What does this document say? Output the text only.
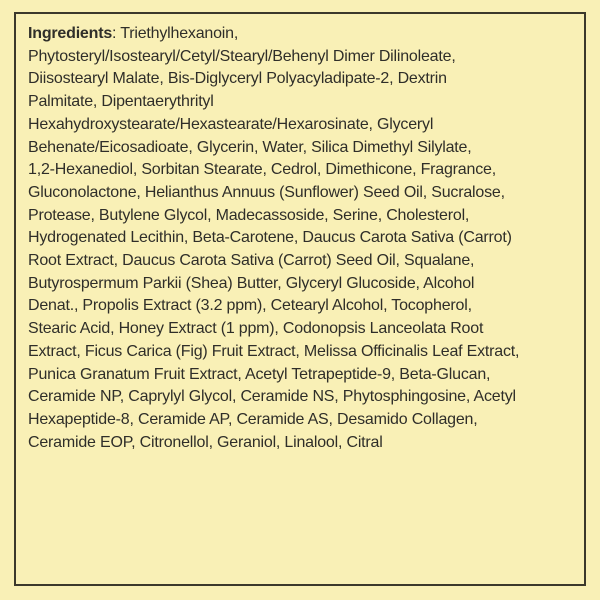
Ingredients: Triethylhexanoin,

Phytosteryl/Isostearyl/Cetyl/Stearyl/Behenyl Dimer Dilinoleate,

Diisostearyl Malate, Bis-Diglyceryl Polyacyladipate-2, Dextrin

Palmitate, Dipentaerythrityl

Hexahydroxystearate/Hexastearate/Hexarosinate, Glyceryl

Behenate/Eicosadioate, Glycerin, Water, Silica Dimethyl Silylate,

1,2-Hexanediol, Sorbitan Stearate, Cedrol, Dimethicone, Fragrance,

Gluconolactone, Helianthus Annuus (Sunflower) Seed Oil, Sucralose,

Protease, Butylene Glycol, Madecassoside, Serine, Cholesterol,

Hydrogenated Lecithin, Beta-Carotene, Daucus Carota Sativa (Carrot)

Root Extract, Daucus Carota Sativa (Carrot) Seed Oil, Squalane,

Butyrospermum Parkii (Shea) Butter, Glyceryl Glucoside, Alcohol

Denat., Propolis Extract (3.2 ppm), Cetearyl Alcohol, Tocopherol,

Stearic Acid, Honey Extract (1 ppm), Codonopsis Lanceolata Root

Extract, Ficus Carica (Fig) Fruit Extract, Melissa Officinalis Leaf Extract,

Punica Granatum Fruit Extract, Acetyl Tetrapeptide-9, Beta-Glucan,

Ceramide NP, Caprylyl Glycol, Ceramide NS, Phytosphingosine, Acetyl

Hexapeptide-8, Ceramide AP, Ceramide AS, Desamido Collagen,

Ceramide EOP, Citronellol, Geraniol, Linalool, Citral
